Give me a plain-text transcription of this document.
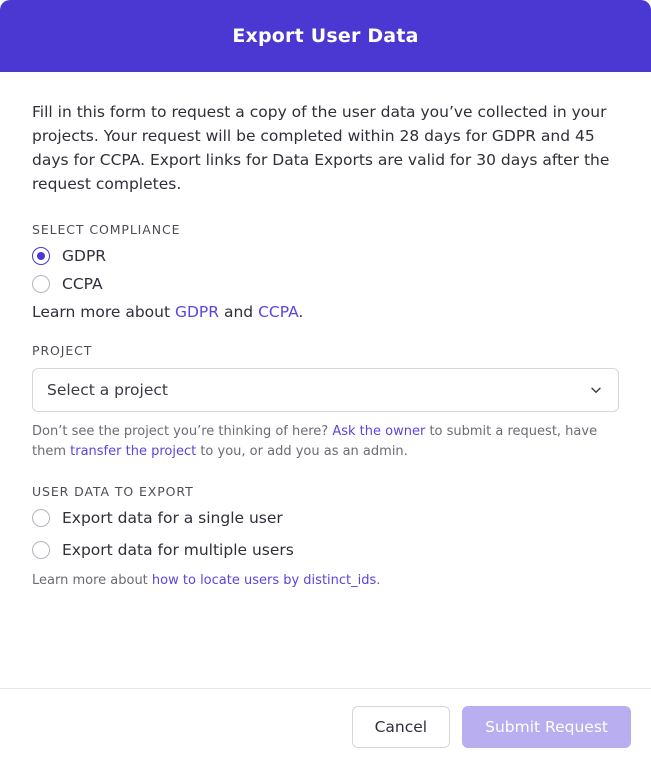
Export User Data

Fill in this form to request a copy of the user data you’ve collected in your projects. Your request will be completed within 28 days for GDPR and 45 days for CCPA. Export links for Data Exports are valid for 30 days after the request completes.

SELECT COMPLIANCE
GDPR
CCPA

Learn more about GDPR and CCPA.

PROJECT
Select a project

Don’t see the project you’re thinking of here? Ask the owner to submit a request, have them transfer the project to you, or add you as an admin.

USER DATA TO EXPORT
Export data for a single user
Export data for multiple users

Learn more about how to locate users by distinct_ids.

Cancel	Submit Request
